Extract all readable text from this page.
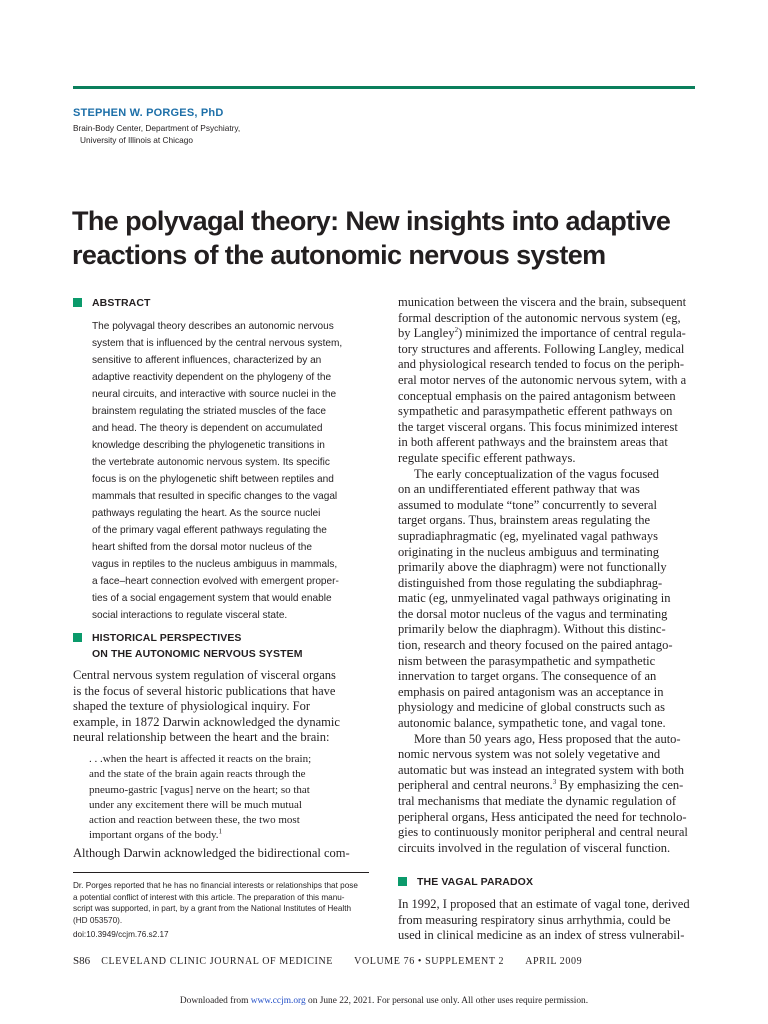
STEPHEN W. PORGES, PhD
Brain-Body Center, Department of Psychiatry,
University of Illinois at Chicago
The polyvagal theory: New insights into adaptive
reactions of the autonomic nervous system
ABSTRACT
The polyvagal theory describes an autonomic nervous
system that is influenced by the central nervous system,
sensitive to afferent influences, characterized by an
adaptive reactivity dependent on the phylogeny of the
neural circuits, and interactive with source nuclei in the
brainstem regulating the striated muscles of the face
and head. The theory is dependent on accumulated
knowledge describing the phylogenetic transitions in
the vertebrate autonomic nervous system. Its specific
focus is on the phylogenetic shift between reptiles and
mammals that resulted in specific changes to the vagal
pathways regulating the heart. As the source nuclei
of the primary vagal efferent pathways regulating the
heart shifted from the dorsal motor nucleus of the
vagus in reptiles to the nucleus ambiguus in mammals,
a face–heart connection evolved with emergent proper-
ties of a social engagement system that would enable
social interactions to regulate visceral state.
HISTORICAL PERSPECTIVES
ON THE AUTONOMIC NERVOUS SYSTEM
Central nervous system regulation of visceral organs
is the focus of several historic publications that have
shaped the texture of physiological inquiry. For
example, in 1872 Darwin acknowledged the dynamic
neural relationship between the heart and the brain:
. . .when the heart is affected it reacts on the brain;
and the state of the brain again reacts through the
pneumo-gastric [vagus] nerve on the heart; so that
under any excitement there will be much mutual
action and reaction between these, the two most
important organs of the body.$^1$
Although Darwin acknowledged the bidirectional com-
Dr. Porges reported that he has no financial interests or relationships that pose
a potential conflict of interest with this article. The preparation of this manu-
script was supported, in part, by a grant from the National Institutes of Health
(HD 053570).
doi:10.3949/ccjm.76.s2.17
munication between the viscera and the brain, subsequent
formal description of the autonomic nervous system (eg,
by Langley$^2$) minimized the importance of central regula-
tory structures and afferents. Following Langley, medical
and physiological research tended to focus on the periph-
eral motor nerves of the autonomic nervous sytem, with a
conceptual emphasis on the paired antagonism between
sympathetic and parasympathetic efferent pathways on
the target visceral organs. This focus minimized interest
in both afferent pathways and the brainstem areas that
regulate specific efferent pathways.
The early conceptualization of the vagus focused
on an undifferentiated efferent pathway that was
assumed to modulate “tone” concurrently to several
target organs. Thus, brainstem areas regulating the
supradiaphragmatic (eg, myelinated vagal pathways
originating in the nucleus ambiguus and terminating
primarily above the diaphragm) were not functionally
distinguished from those regulating the subdiaphrag-
matic (eg, unmyelinated vagal pathways originating in
the dorsal motor nucleus of the vagus and terminating
primarily below the diaphragm). Without this distinc-
tion, research and theory focused on the paired antago-
nism between the parasympathetic and sympathetic
innervation to target organs. The consequence of an
emphasis on paired antagonism was an acceptance in
physiology and medicine of global constructs such as
autonomic balance, sympathetic tone, and vagal tone.
More than 50 years ago, Hess proposed that the auto-
nomic nervous system was not solely vegetative and
automatic but was instead an integrated system with both
peripheral and central neurons.$^3$ By emphasizing the cen-
tral mechanisms that mediate the dynamic regulation of
peripheral organs, Hess anticipated the need for technolo-
gies to continuously monitor peripheral and central neural
circuits involved in the regulation of visceral function.
THE VAGAL PARADOX
In 1992, I proposed that an estimate of vagal tone, derived
from measuring respiratory sinus arrhythmia, could be
used in clinical medicine as an index of stress vulnerabil-
S86 CLEVELAND CLINIC JOURNAL OF MEDICINE VOLUME 76 • SUPPLEMENT 2 APRIL 2009
Downloaded from www.ccjm.org on June 22, 2021. For personal use only. All other uses require permission.
